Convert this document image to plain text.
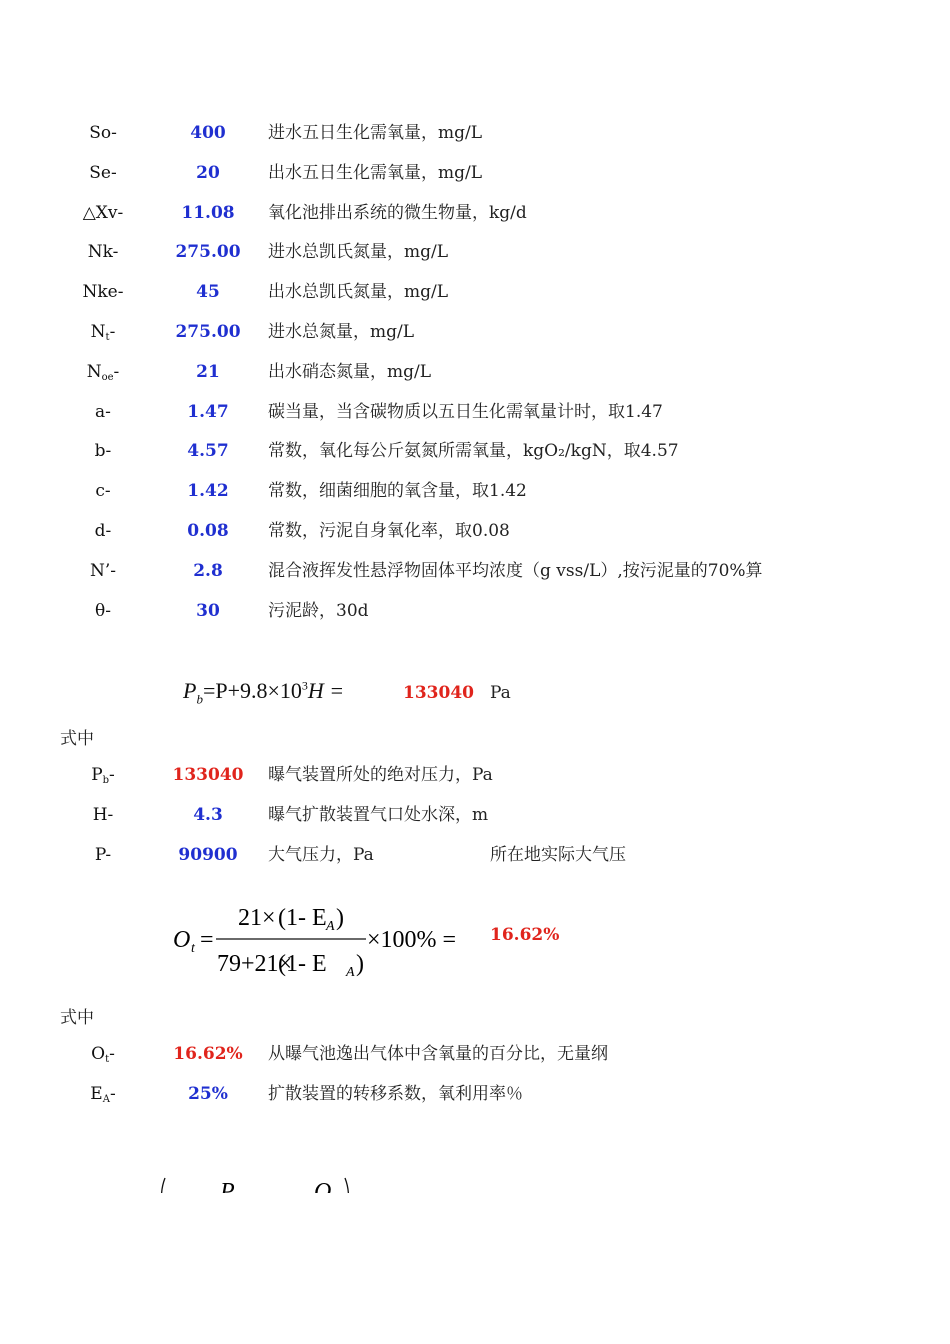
So-	400	进水五日生化需氧量，mg/L
Se-	20	出水五日生化需氧量，mg/L
△Xv-	11.08	氧化池排出系统的微生物量，kg/d
Nk-	275.00	进水总凯氏氮量，mg/L
Nke-	45	出水总凯氏氮量，mg/L
$N_t-$	275.00	进水总氮量，mg/L
$N_{oe}-$	21	出水硝态氮量，mg/L
a-	1.47	碳当量，当含碳物质以五日生化需氧量计时，取1.47
b-	4.57	常数，氧化每公斤氨氮所需氧量，kgO₂/kgN，取4.57
c-	1.42	常数，细菌细胞的氧含量，取1.42
d-	0.08	常数，污泥自身氧化率，取0.08
N’-	2.8	混合液挥发性悬浮物固体平均浓度（g vss/L）,按污泥量的70%算
θ-	30	污泥龄，30d
$P_b=P+9.8\times 10^3H$ =	133040 Pa
式中
$P_b-$	133040	曝气装置所处的绝对压力，Pa
H-	4.3	曝气扩散装置气口处水深，m
P-	90900	大气压力，Pa	所在地实际大气压
O t =
21× (1- E A )
79+21×
(1- E A )
×100% = 16.62%
式中
$O_t-$	16.62%	从曝气池逸出气体中含氧量的百分比，无量纲
$E_A-$	25%	扩散装置的转移系数，氧利用率％
P b	O t
